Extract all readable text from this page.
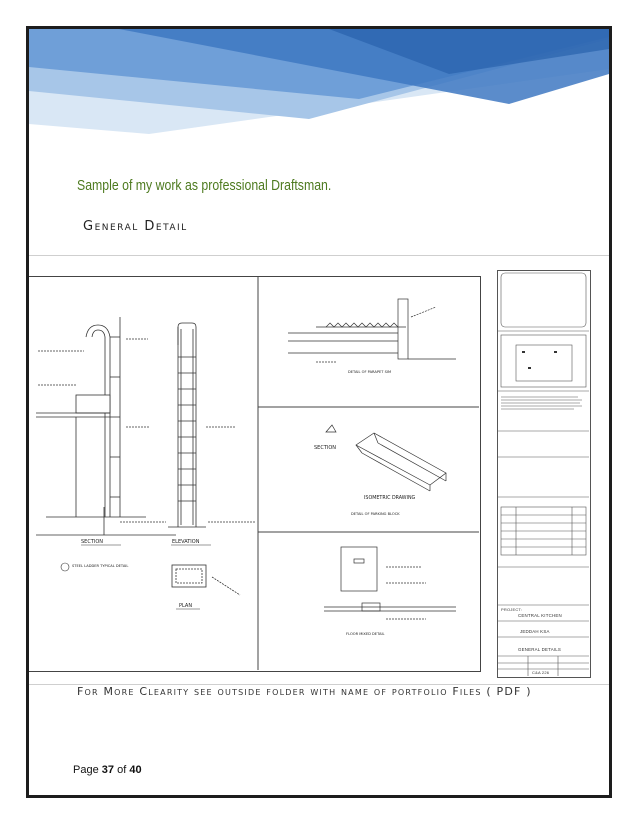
Sample of my work as professional Draftsman.
General Detail
SECTION	ELEVATION
STEEL LADDER TYPICAL DETAIL
PLAN
DETAIL OF PARAPET SIM
SECTION
ISOMETRIC DRAWING
DETAIL OF PARKING BLOCK
FLOOR MIXED DETAIL
PROJECT:
CENTRAL KITCHEN
JEDDAH KSA
GENERAL DETAILS
C&A 226
For More Clearity see outside folder with name of portfolio Files ( PDF )
Page 37 of 40
